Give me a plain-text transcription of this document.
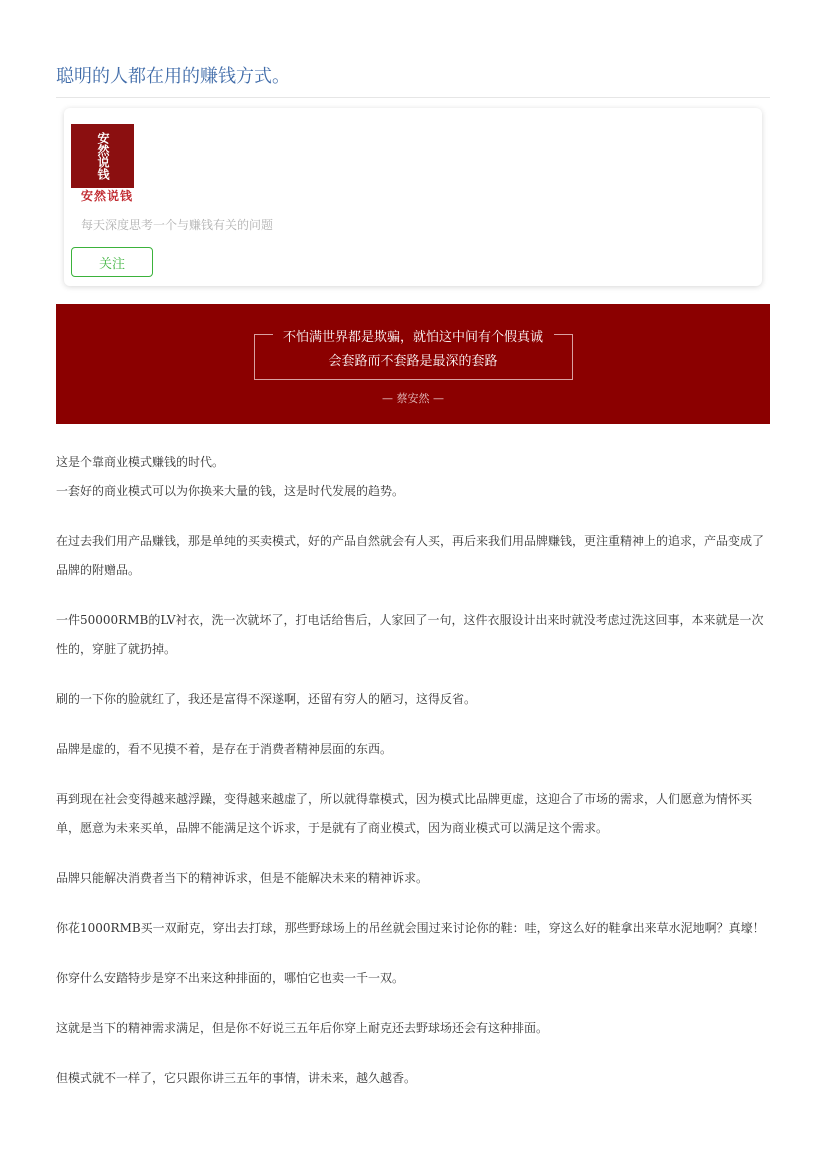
聪明的人都在用的赚钱方式。
安然说钱
安然说钱
每天深度思考一个与赚钱有关的问题
关注
不怕满世界都是欺骗，就怕这中间有个假真诚
会套路而不套路是最深的套路
— 蔡安然 —

这是个靠商业模式赚钱的时代。

一套好的商业模式可以为你换来大量的钱，这是时代发展的趋势。

在过去我们用产品赚钱，那是单纯的买卖模式，好的产品自然就会有人买，再后来我们用品牌赚钱，更注重精神上的追求，产品变成了品牌的附赠品。

一件50000RMB的LV衬衣，洗一次就坏了，打电话给售后，人家回了一句，这件衣服设计出来时就没考虑过洗这回事，本来就是一次性的，穿脏了就扔掉。

刷的一下你的脸就红了，我还是富得不深遂啊，还留有穷人的陋习，这得反省。

品牌是虚的，看不见摸不着，是存在于消费者精神层面的东西。

再到现在社会变得越来越浮躁，变得越来越虚了，所以就得靠模式，因为模式比品牌更虚，这迎合了市场的需求，人们愿意为情怀买单，愿意为未来买单，品牌不能满足这个诉求，于是就有了商业模式，因为商业模式可以满足这个需求。

品牌只能解决消费者当下的精神诉求，但是不能解决未来的精神诉求。

你花1000RMB买一双耐克，穿出去打球，那些野球场上的吊丝就会围过来讨论你的鞋：哇，穿这么好的鞋拿出来草水泥地啊？真壕！

你穿什么安踏特步是穿不出来这种排面的，哪怕它也卖一千一双。

这就是当下的精神需求满足，但是你不好说三五年后你穿上耐克还去野球场还会有这种排面。

但模式就不一样了，它只跟你讲三五年的事情，讲未来，越久越香。
